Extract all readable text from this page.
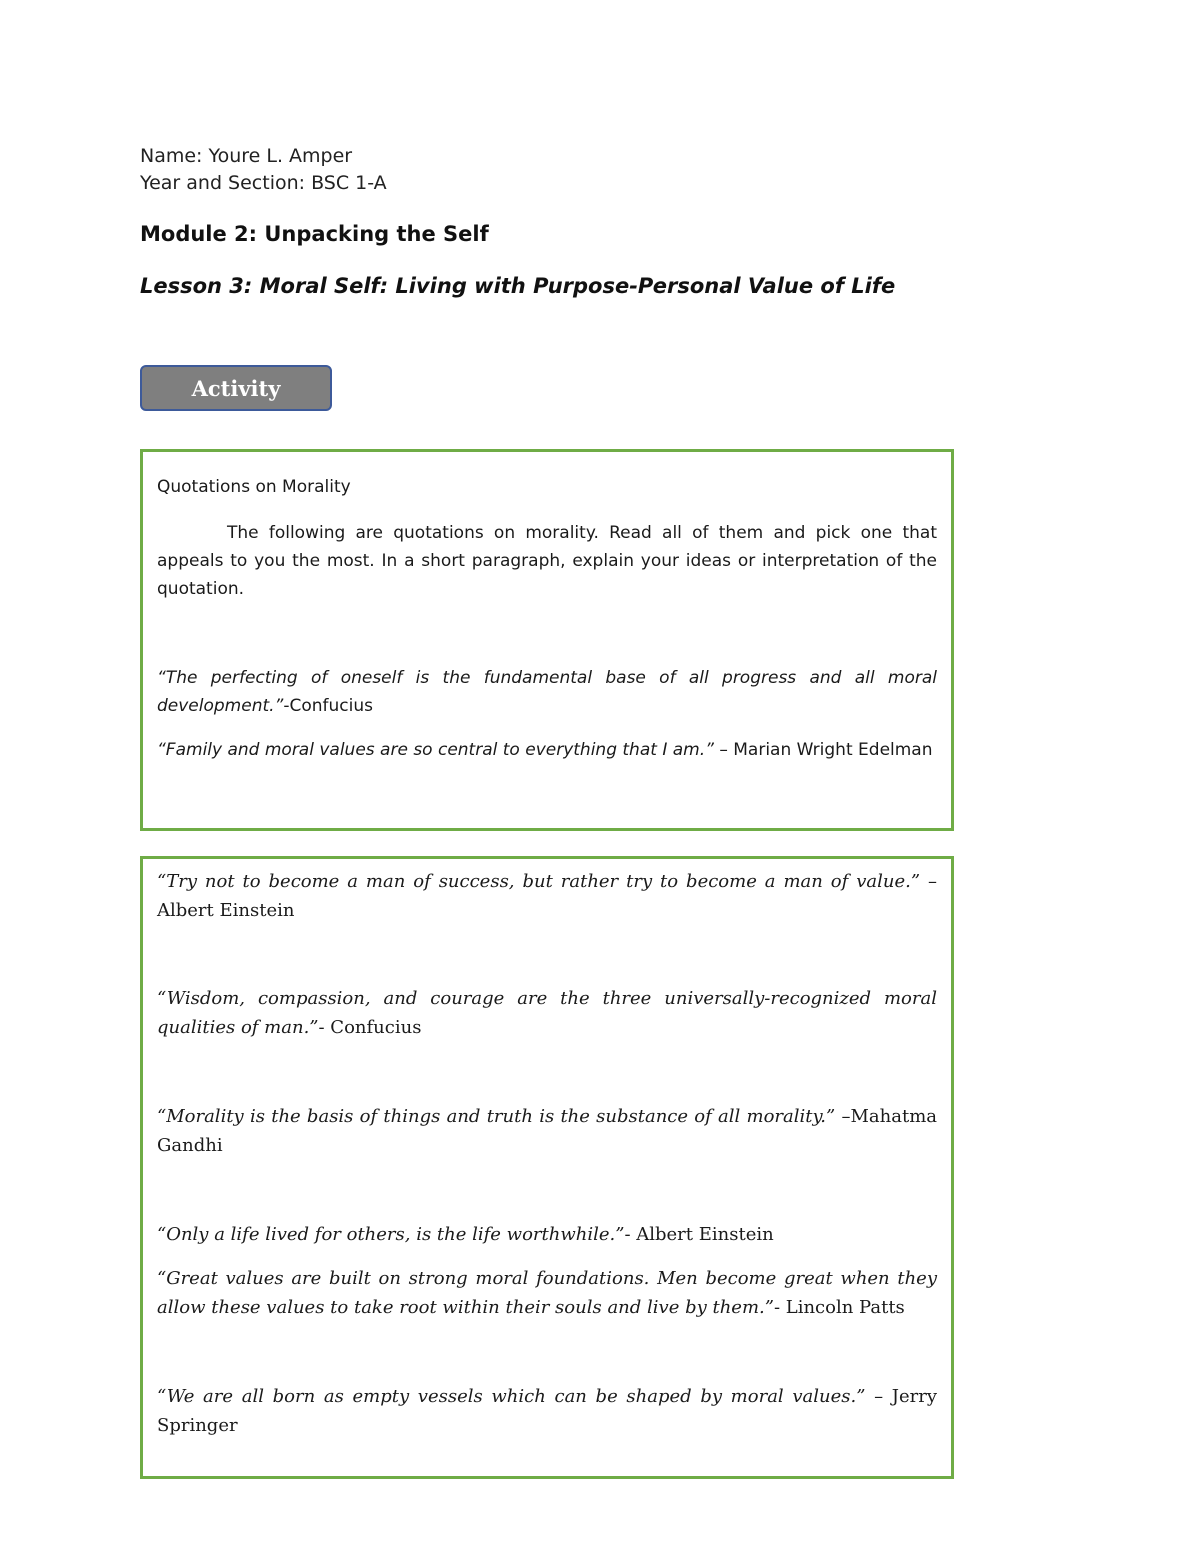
Name: Youre L. Amper
Year and Section: BSC 1-A
Module 2: Unpacking the Self
Lesson 3: Moral Self: Living with Purpose-Personal Value of Life
Activity

Quotations on Morality

The following are quotations on morality. Read all of them and pick one that appeals to you the most. In a short paragraph, explain your ideas or interpretation of the quotation.

“The perfecting of oneself is the fundamental base of all progress and all moral development.”-Confucius

“Family and moral values are so central to everything that I am.” – Marian Wright Edelman

“Try not to become a man of success, but rather try to become a man of value.” – Albert Einstein

“Wisdom, compassion, and courage are the three universally-recognized moral qualities of man.”- Confucius

“Morality is the basis of things and truth is the substance of all morality.” –Mahatma Gandhi

“Only a life lived for others, is the life worthwhile.”- Albert Einstein

“Great values are built on strong moral foundations. Men become great when they allow these values to take root within their souls and live by them.”- Lincoln Patts

“We are all born as empty vessels which can be shaped by moral values.” – Jerry Springer
